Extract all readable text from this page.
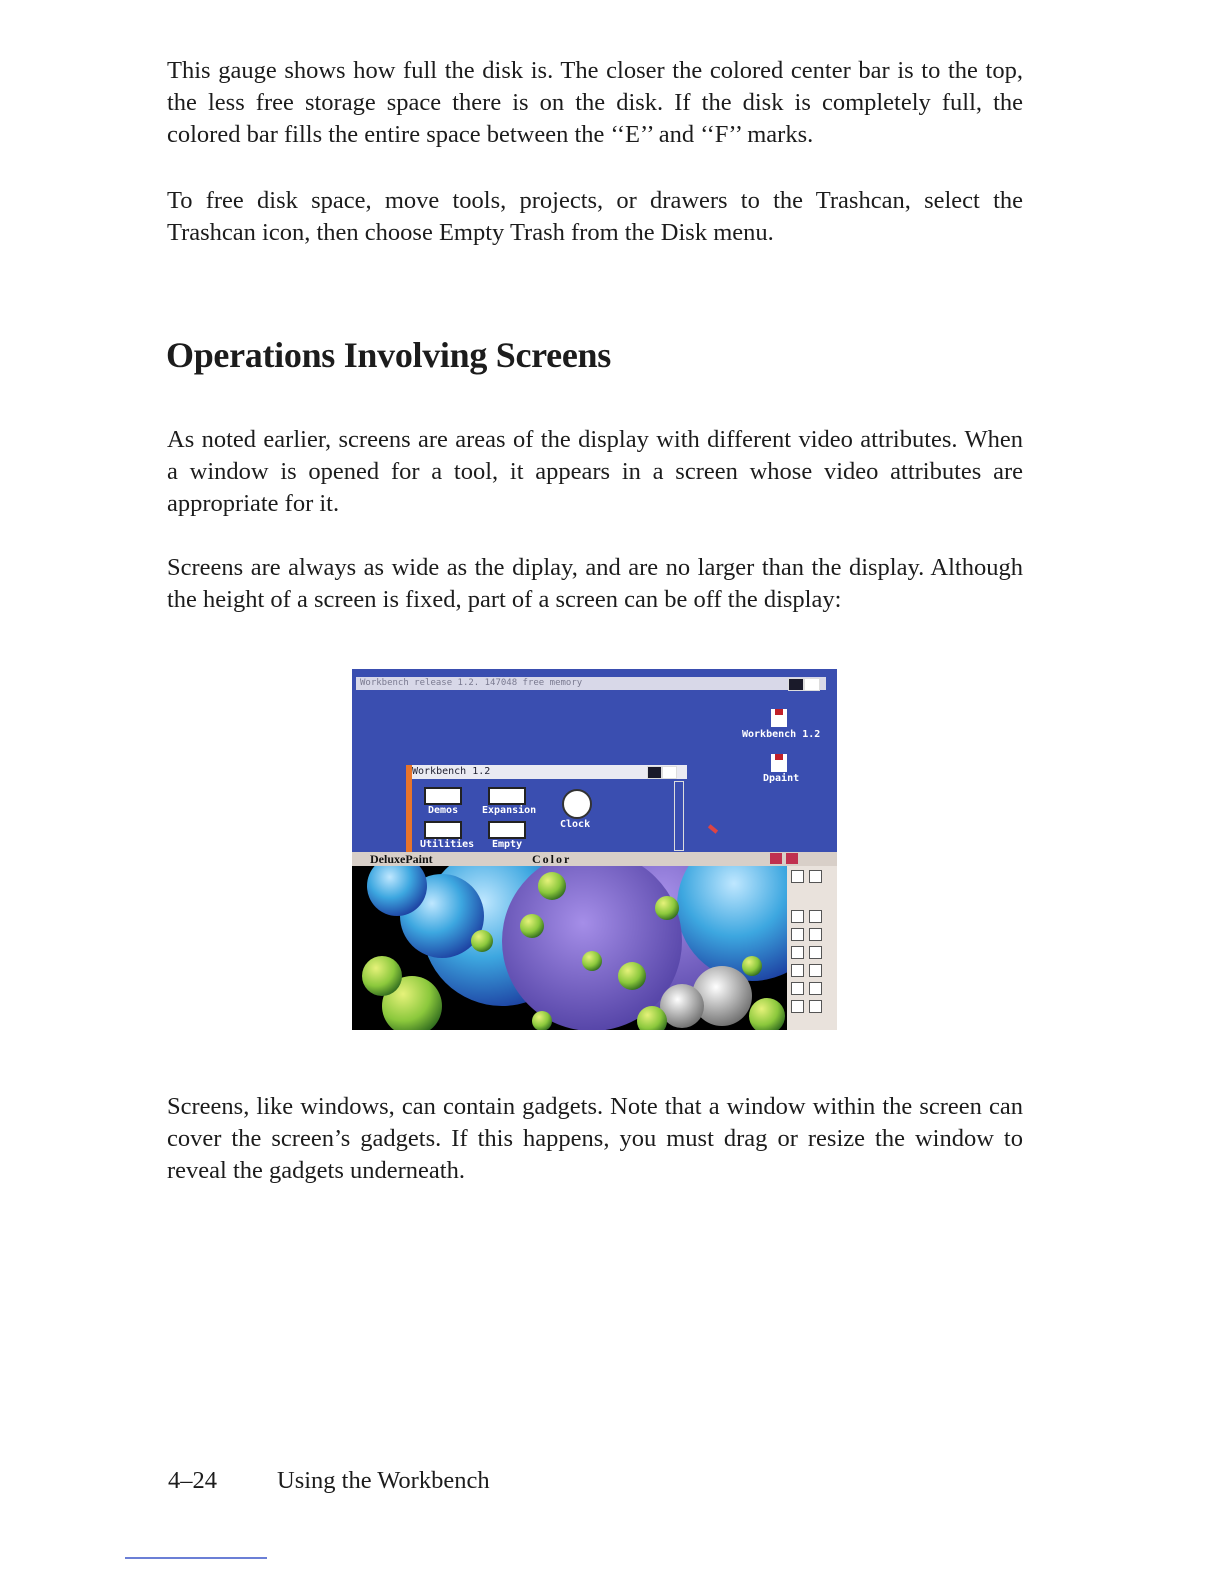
This gauge shows how full the disk is. The closer the colored center bar is to the top, the less free storage space there is on the disk. If the disk is completely full, the colored bar fills the entire space between the ‘‘E’’ and ‘‘F’’ marks.

To free disk space, move tools, projects, or drawers to the Trashcan, select the Trashcan icon, then choose Empty Trash from the Disk menu.

Operations Involving Screens

As noted earlier, screens are areas of the display with different video attributes. When a window is opened for a tool, it appears in a screen whose video attributes are appropriate for it.

Screens are always as wide as the diplay, and are no larger than the display. Although the height of a screen is fixed, part of a screen can be off the display:

Workbench release 1.2. 147048 free memory
Workbench 1.2
Dpaint
Workbench 1.2
Demos Expansion
Utilities Empty
Clock
DeluxePaint	Color

Screens, like windows, can contain gadgets. Note that a window within the screen can cover the screen’s gadgets. If this happens, you must drag or resize the window to reveal the gadgets underneath.

4–24 Using the Workbench
